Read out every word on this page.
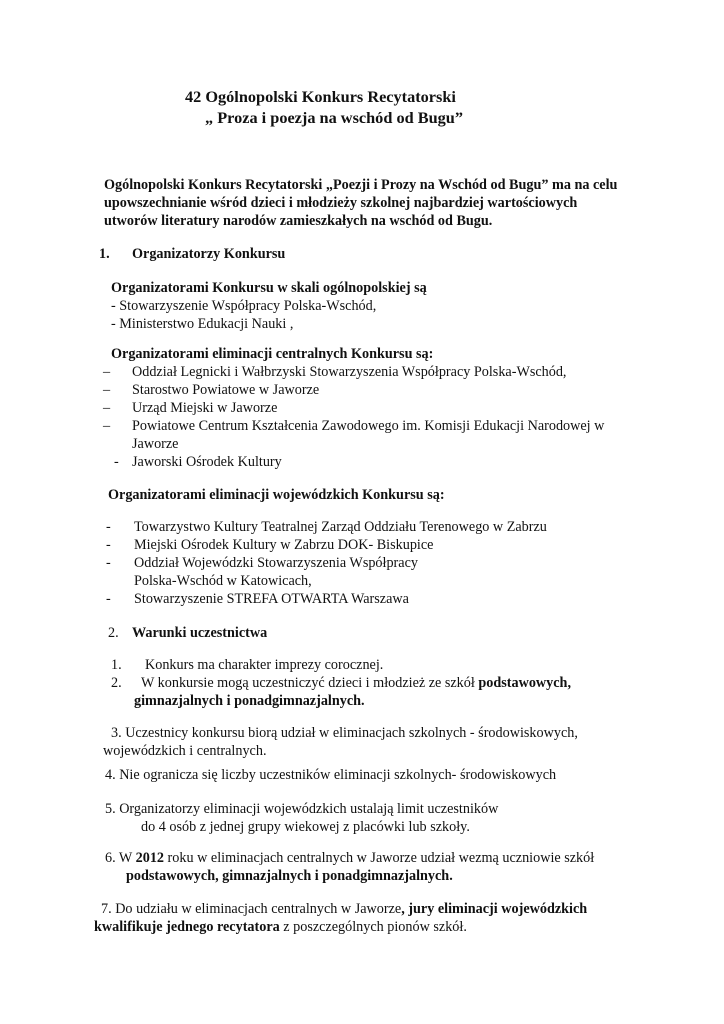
42 Ogólnopolski Konkurs Recytatorski
„ Proza i poezja na wschód od Bugu”
Ogólnopolski Konkurs Recytatorski „Poezji i Prozy na Wschód od Bugu” ma na celu
upowszechnianie wśród dzieci i młodzieży szkolnej najbardziej wartościowych
utworów literatury narodów zamieszkałych na wschód od Bugu.
1. Organizatorzy Konkursu
Organizatorami Konkursu w skali ogólnopolskiej są
- Stowarzyszenie Współpracy Polska-Wschód,
- Ministerstwo Edukacji Nauki ,
Organizatorami eliminacji centralnych Konkursu są:
– Oddział Legnicki i Wałbrzyski Stowarzyszenia Współpracy Polska-Wschód,
– Starostwo Powiatowe w Jaworze
– Urząd Miejski w Jaworze
– Powiatowe Centrum Kształcenia Zawodowego im. Komisji Edukacji Narodowej w
Jaworze
- Jaworski Ośrodek Kultury
Organizatorami eliminacji wojewódzkich Konkursu są:
- Towarzystwo Kultury Teatralnej Zarząd Oddziału Terenowego w Zabrzu
- Miejski Ośrodek Kultury w Zabrzu DOK- Biskupice
- Oddział Wojewódzki Stowarzyszenia Współpracy
Polska-Wschód w Katowicach,
- Stowarzyszenie STREFA OTWARTA Warszawa
2. Warunki uczestnictwa
1. Konkurs ma charakter imprezy corocznej.
2. W konkursie mogą uczestniczyć dzieci i młodzież ze szkół podstawowych,
gimnazjalnych i ponadgimnazjalnych.
3. Uczestnicy konkursu biorą udział w eliminacjach szkolnych - środowiskowych,
wojewódzkich i centralnych.
4. Nie ogranicza się liczby uczestników eliminacji szkolnych- środowiskowych
5. Organizatorzy eliminacji wojewódzkich ustalają limit uczestników
do 4 osób z jednej grupy wiekowej z placówki lub szkoły.
6. W 2012 roku w eliminacjach centralnych w Jaworze udział wezmą uczniowie szkół
podstawowych, gimnazjalnych i ponadgimnazjalnych.
7. Do udziału w eliminacjach centralnych w Jaworze, jury eliminacji wojewódzkich
kwalifikuje jednego recytatora z poszczególnych pionów szkół.
